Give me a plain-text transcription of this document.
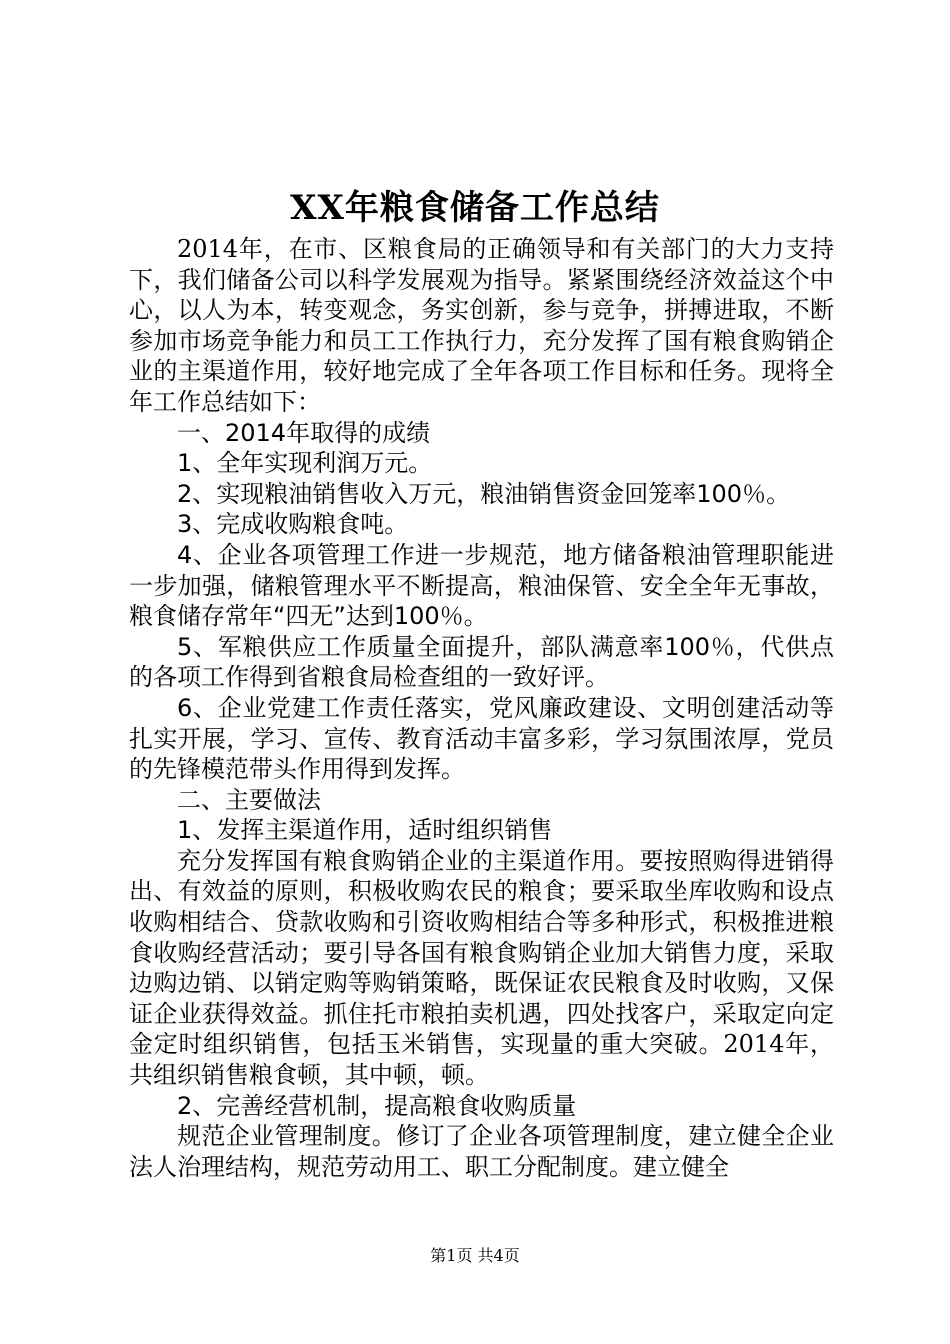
XX年粮食储备工作总结

2014年，在市、区粮食局的正确领导和有关部门的大力支持下，我们储备公司以科学发展观为指导。紧紧围绕经济效益这个中心，以人为本，转变观念，务实创新，参与竞争，拼搏进取，不断参加市场竞争能力和员工工作执行力，充分发挥了国有粮食购销企业的主渠道作用，较好地完成了全年各项工作目标和任务。现将全年工作总结如下：

一、2014年取得的成绩

1、全年实现利润万元。

2、实现粮油销售收入万元，粮油销售资金回笼率100％。

3、完成收购粮食吨。

4、企业各项管理工作进一步规范，地方储备粮油管理职能进一步加强，储粮管理水平不断提高，粮油保管、安全全年无事故，粮食储存常年“四无”达到100％。

5、军粮供应工作质量全面提升，部队满意率100％，代供点的各项工作得到省粮食局检查组的一致好评。

6、企业党建工作责任落实，党风廉政建设、文明创建活动等扎实开展，学习、宣传、教育活动丰富多彩，学习氛围浓厚，党员的先锋模范带头作用得到发挥。

二、主要做法

1、发挥主渠道作用，适时组织销售

充分发挥国有粮食购销企业的主渠道作用。要按照购得进销得出、有效益的原则，积极收购农民的粮食；要采取坐库收购和设点收购相结合、贷款收购和引资收购相结合等多种形式，积极推进粮食收购经营活动；要引导各国有粮食购销企业加大销售力度，采取边购边销、以销定购等购销策略，既保证农民粮食及时收购，又保证企业获得效益。抓住托市粮拍卖机遇，四处找客户，采取定向定金定时组织销售，包括玉米销售，实现量的重大突破。2014年，共组织销售粮食顿，其中顿，顿。

2、完善经营机制，提高粮食收购质量

规范企业管理制度。修订了企业各项管理制度，建立健全企业法人治理结构，规范劳动用工、职工分配制度。建立健全

第1页 共4页
